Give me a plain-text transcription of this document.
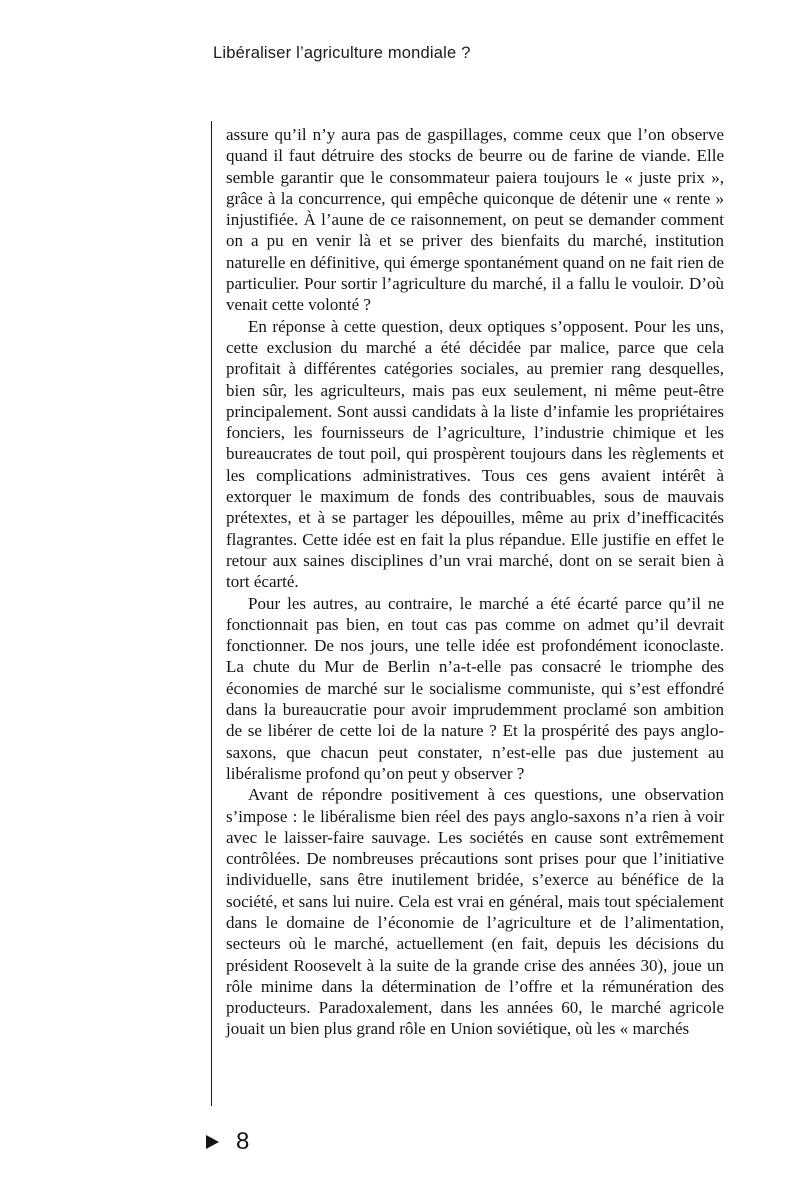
Libéraliser l’agriculture mondiale ?

assure qu’il n’y aura pas de gaspillages, comme ceux que l’on observe quand il faut détruire des stocks de beurre ou de farine de viande. Elle semble garantir que le consommateur paiera toujours le « juste prix », grâce à la concurrence, qui empêche quiconque de détenir une « rente » injustifiée. À l’aune de ce raisonnement, on peut se demander comment on a pu en venir là et se priver des bienfaits du marché, institution naturelle en définitive, qui émerge spontanément quand on ne fait rien de particulier. Pour sortir l’agriculture du marché, il a fallu le vouloir. D’où venait cette volonté ?

En réponse à cette question, deux optiques s’opposent. Pour les uns, cette exclusion du marché a été décidée par malice, parce que cela profitait à différentes catégories sociales, au premier rang desquelles, bien sûr, les agriculteurs, mais pas eux seulement, ni même peut-être principalement. Sont aussi candidats à la liste d’infamie les propriétaires fonciers, les fournisseurs de l’agriculture, l’industrie chimique et les bureaucrates de tout poil, qui prospèrent toujours dans les règlements et les complications administratives. Tous ces gens avaient intérêt à extorquer le maximum de fonds des contribuables, sous de mauvais prétextes, et à se partager les dépouilles, même au prix d’inefficacités flagrantes. Cette idée est en fait la plus répandue. Elle justifie en effet le retour aux saines disciplines d’un vrai marché, dont on se serait bien à tort écarté.

Pour les autres, au contraire, le marché a été écarté parce qu’il ne fonctionnait pas bien, en tout cas pas comme on admet qu’il devrait fonctionner. De nos jours, une telle idée est profondément iconoclaste. La chute du Mur de Berlin n’a-t-elle pas consacré le triomphe des économies de marché sur le socialisme communiste, qui s’est effondré dans la bureaucratie pour avoir imprudemment proclamé son ambition de se libérer de cette loi de la nature ? Et la prospérité des pays anglo-saxons, que chacun peut constater, n’est-elle pas due justement au libéralisme profond qu’on peut y observer ?

Avant de répondre positivement à ces questions, une observation s’impose : le libéralisme bien réel des pays anglo-saxons n’a rien à voir avec le laisser-faire sauvage. Les sociétés en cause sont extrêmement contrôlées. De nombreuses précautions sont prises pour que l’initiative individuelle, sans être inutilement bridée, s’exerce au bénéfice de la société, et sans lui nuire. Cela est vrai en général, mais tout spécialement dans le domaine de l’économie de l’agriculture et de l’alimentation, secteurs où le marché, actuellement (en fait, depuis les décisions du président Roosevelt à la suite de la grande crise des années 30), joue un rôle minime dans la détermination de l’offre et la rémunération des producteurs. Paradoxalement, dans les années 60, le marché agricole jouait un bien plus grand rôle en Union soviétique, où les « marchés

8
